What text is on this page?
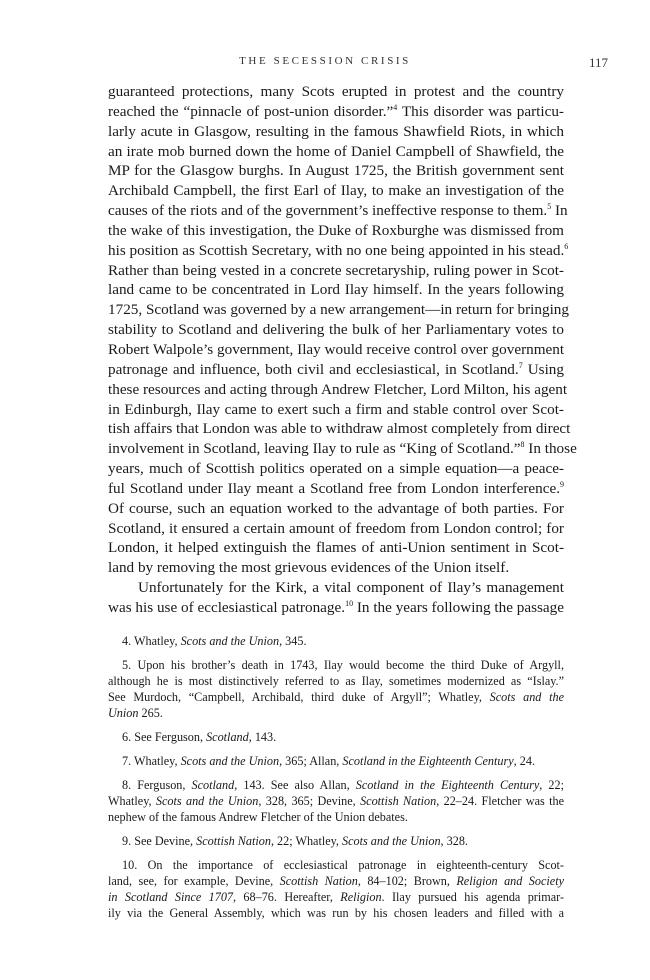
THE SECESSION CRISIS	117
guaranteed protections, many Scots erupted in protest and the country
reached the “pinnacle of post-union disorder.”$^4$ This disorder was particu-
larly acute in Glasgow, resulting in the famous Shawfield Riots, in which
an irate mob burned down the home of Daniel Campbell of Shawfield, the
MP for the Glasgow burghs. In August 1725, the British government sent
Archibald Campbell, the first Earl of Ilay, to make an investigation of the
causes of the riots and of the government’s ineffective response to them.$^5$ In
the wake of this investigation, the Duke of Roxburghe was dismissed from
his position as Scottish Secretary, with no one being appointed in his stead.$^6$
Rather than being vested in a concrete secretaryship, ruling power in Scot-
land came to be concentrated in Lord Ilay himself. In the years following
1725, Scotland was governed by a new arrangement—in return for bringing
stability to Scotland and delivering the bulk of her Parliamentary votes to
Robert Walpole’s government, Ilay would receive control over government
patronage and influence, both civil and ecclesiastical, in Scotland.$^7$ Using
these resources and acting through Andrew Fletcher, Lord Milton, his agent
in Edinburgh, Ilay came to exert such a firm and stable control over Scot-
tish affairs that London was able to withdraw almost completely from direct
involvement in Scotland, leaving Ilay to rule as “King of Scotland.”$^8$ In those
years, much of Scottish politics operated on a simple equation—a peace-
ful Scotland under Ilay meant a Scotland free from London interference.$^9$
Of course, such an equation worked to the advantage of both parties. For
Scotland, it ensured a certain amount of freedom from London control; for
London, it helped extinguish the flames of anti-Union sentiment in Scot-
land by removing the most grievous evidences of the Union itself.
Unfortunately for the Kirk, a vital component of Ilay’s management
was his use of ecclesiastical patronage.$^{10}$ In the years following the passage
4. Whatley, Scots and the Union, 345.
5. Upon his brother’s death in 1743, Ilay would become the third Duke of Argyll,
although he is most distinctively referred to as Ilay, sometimes modernized as “Islay.”
See Murdoch, “Campbell, Archibald, third duke of Argyll”; Whatley, Scots and the
Union 265.
6. See Ferguson, Scotland, 143.
7. Whatley, Scots and the Union, 365; Allan, Scotland in the Eighteenth Century, 24.
8. Ferguson, Scotland, 143. See also Allan, Scotland in the Eighteenth Century, 22;
Whatley, Scots and the Union, 328, 365; Devine, Scottish Nation, 22–24. Fletcher was the
nephew of the famous Andrew Fletcher of the Union debates.
9. See Devine, Scottish Nation, 22; Whatley, Scots and the Union, 328.
10. On the importance of ecclesiastical patronage in eighteenth-century Scot-
land, see, for example, Devine, Scottish Nation, 84–102; Brown, Religion and Society
in Scotland Since 1707, 68–76. Hereafter, Religion. Ilay pursued his agenda primar-
ily via the General Assembly, which was run by his chosen leaders and filled with a
